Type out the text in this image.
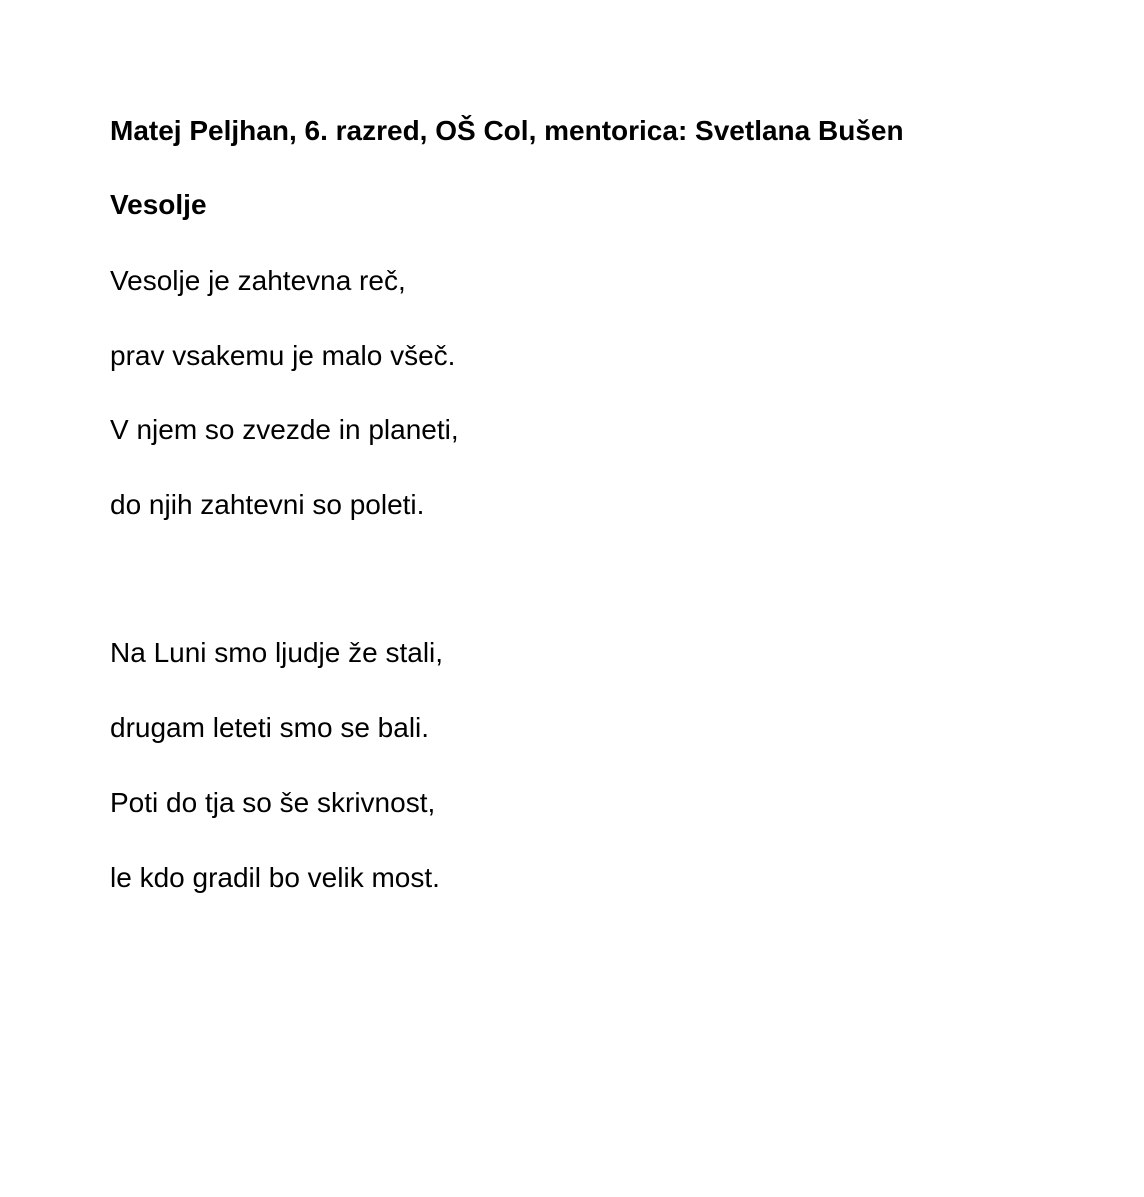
Matej Peljhan, 6. razred, OŠ Col, mentorica: Svetlana Bušen

Vesolje

Vesolje je zahtevna reč,

prav vsakemu je malo všeč.

V njem so zvezde in planeti,

do njih zahtevni so poleti.

Na Luni smo ljudje že stali,

drugam leteti smo se bali.

Poti do tja so še skrivnost,

le kdo gradil bo velik most.
